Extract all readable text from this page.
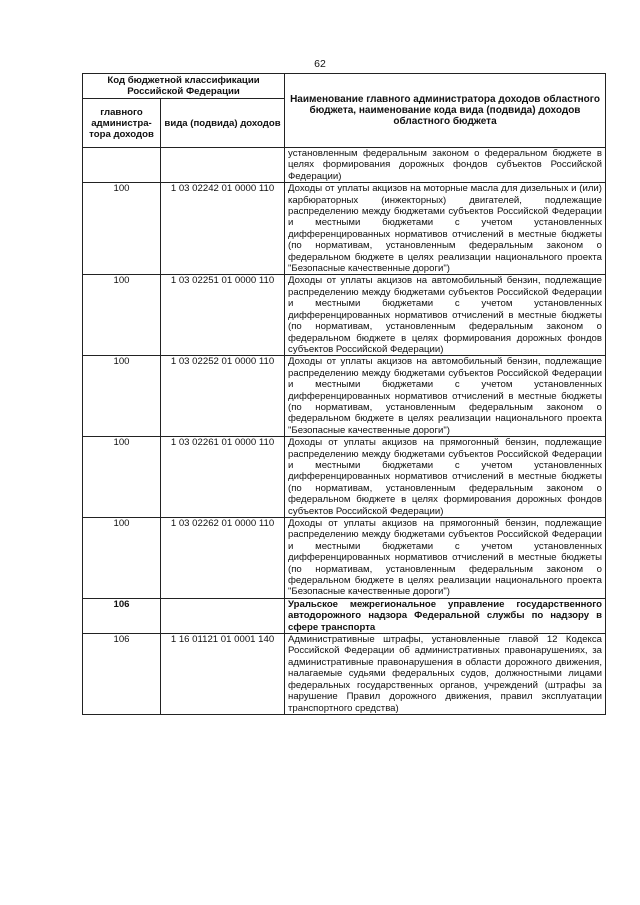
62
Код бюджетной классификации Российской Федерации		Наименование главного администратора доходов областного бюджета, наименование кода вида (подвида) доходов областного бюджета
главного администра-тора доходов	вида (подвида) доходов	
		установленным федеральным законом о федеральном бюджете в целях формирования дорожных фондов субъектов Российской Федерации)
100	1 03 02242 01 0000 110	Доходы от уплаты акцизов на моторные масла для дизельных и (или) карбюраторных (инжекторных) двигателей, подлежащие распределению между бюджетами субъектов Российской Федерации и местными бюджетами с учетом установленных дифференцированных нормативов отчислений в местные бюджеты (по нормативам, установленным федеральным законом о федеральном бюджете в целях реализации национального проекта "Безопасные качественные дороги")
100	1 03 02251 01 0000 110	Доходы от уплаты акцизов на автомобильный бензин, подлежащие распределению между бюджетами субъектов Российской Федерации и местными бюджетами с учетом установленных дифференцированных нормативов отчислений в местные бюджеты (по нормативам, установленным федеральным законом о федеральном бюджете в целях формирования дорожных фондов субъектов Российской Федерации)
100	1 03 02252 01 0000 110	Доходы от уплаты акцизов на автомобильный бензин, подлежащие распределению между бюджетами субъектов Российской Федерации и местными бюджетами с учетом установленных дифференцированных нормативов отчислений в местные бюджеты (по нормативам, установленным федеральным законом о федеральном бюджете в целях реализации национального проекта "Безопасные качественные дороги")
100	1 03 02261 01 0000 110	Доходы от уплаты акцизов на прямогонный бензин, подлежащие распределению между бюджетами субъектов Российской Федерации и местными бюджетами с учетом установленных дифференцированных нормативов отчислений в местные бюджеты (по нормативам, установленным федеральным законом о федеральном бюджете в целях формирования дорожных фондов субъектов Российской Федерации)
100	1 03 02262 01 0000 110	Доходы от уплаты акцизов на прямогонный бензин, подлежащие распределению между бюджетами субъектов Российской Федерации и местными бюджетами с учетом установленных дифференцированных нормативов отчислений в местные бюджеты (по нормативам, установленным федеральным законом о федеральном бюджете в целях реализации национального проекта "Безопасные качественные дороги")
106		Уральское межрегиональное управление государственного автодорожного надзора Федеральной службы по надзору в сфере транспорта
106	1 16 01121 01 0001 140	Административные штрафы, установленные главой 12 Кодекса Российской Федерации об административных правонарушениях, за административные правонарушения в области дорожного движения, налагаемые судьями федеральных судов, должностными лицами федеральных государственных органов, учреждений (штрафы за нарушение Правил дорожного движения, правил эксплуатации транспортного средства)
